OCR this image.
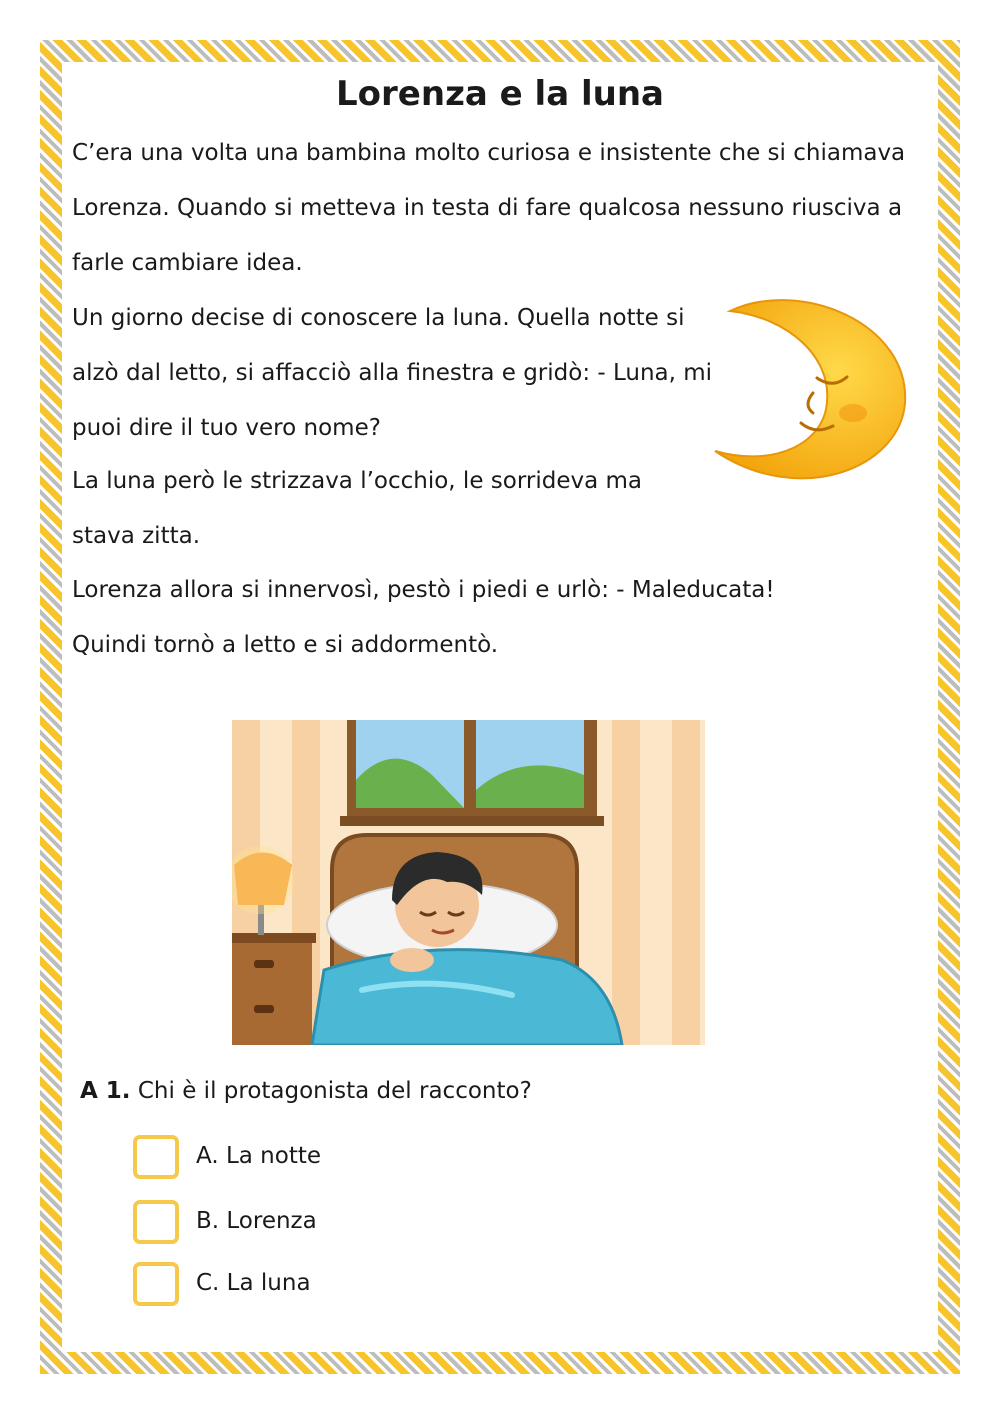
Lorenza e la luna

C’era una volta una bambina molto curiosa e insistente che si chiamava

Lorenza. Quando si metteva in testa di fare qualcosa nessuno riusciva a

farle cambiare idea.

Un giorno decise di conoscere la luna. Quella notte si

alzò dal letto, si affacciò alla finestra e gridò: - Luna, mi

puoi dire il tuo vero nome?

La luna però le strizzava l’occhio, le sorrideva ma

stava zitta.

Lorenza allora si innervosì, pestò i piedi e urlò: - Maleducata!

Quindi tornò a letto e si addormentò.

A 1. Chi è il protagonista del racconto?

A. La notte
B. Lorenza
C. La luna
